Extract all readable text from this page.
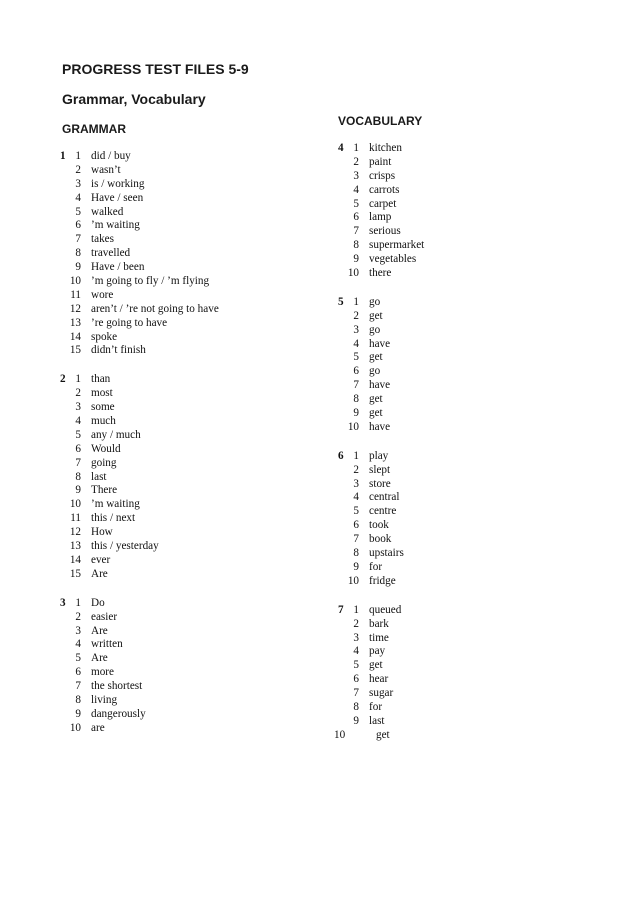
PROGRESS TEST FILES 5-9
Grammar, Vocabulary
GRAMMAR
VOCABULARY
1 1 did / buy
2 wasn’t
3 is / working
4 Have / seen
5 walked
6 ’m waiting
7 takes
8 travelled
9 Have / been
10 ’m going to fly / ’m flying
11 wore
12 aren’t / ’re not going to have
13 ’re going to have
14 spoke
15 didn’t finish
2 1 than
2 most
3 some
4 much
5 any / much
6 Would
7 going
8 last
9 There
10 ’m waiting
11 this / next
12 How
13 this / yesterday
14 ever
15 Are
3 1 Do
2 easier
3 Are
4 written
5 Are
6 more
7 the shortest
8 living
9 dangerously
10 are
4 1 kitchen
2 paint
3 crisps
4 carrots
5 carpet
6 lamp
7 serious
8 supermarket
9 vegetables
10 there
5 1 go
2 get
3 go
4 have
5 get
6 go
7 have
8 get
9 get
10 have
6 1 play
2 slept
3 store
4 central
5 centre
6 took
7 book
8 upstairs
9 for
10 fridge
7 1 queued
2 bark
3 time
4 pay
5 get
6 hear
7 sugar
8 for
9 last
10	get
